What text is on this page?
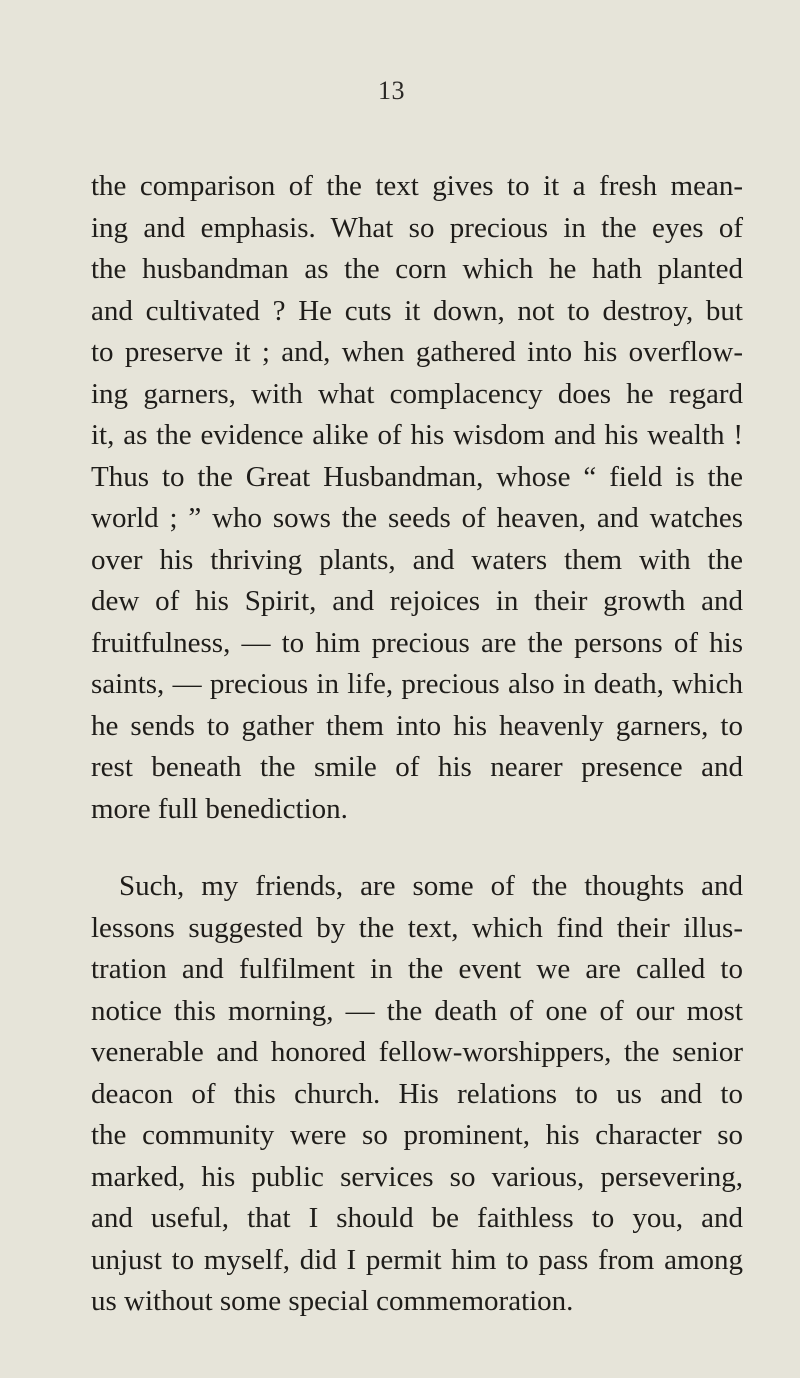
13
the comparison of the text gives to it a fresh mean-
ing and emphasis. What so precious in the eyes of
the husbandman as the corn which he hath planted
and cultivated ? He cuts it down, not to destroy, but
to preserve it ; and, when gathered into his overflow-
ing garners, with what complacency does he regard
it, as the evidence alike of his wisdom and his wealth !
Thus to the Great Husbandman, whose “ field is the
world ; ” who sows the seeds of heaven, and watches
over his thriving plants, and waters them with the
dew of his Spirit, and rejoices in their growth and
fruitfulness, — to him precious are the persons of his
saints, — precious in life, precious also in death, which
he sends to gather them into his heavenly garners, to
rest beneath the smile of his nearer presence and
more full benediction.
Such, my friends, are some of the thoughts and
lessons suggested by the text, which find their illus-
tration and fulfilment in the event we are called to
notice this morning, — the death of one of our most
venerable and honored fellow-worshippers, the senior
deacon of this church. His relations to us and to
the community were so prominent, his character so
marked, his public services so various, persevering,
and useful, that I should be faithless to you, and
unjust to myself, did I permit him to pass from among
us without some special commemoration.
